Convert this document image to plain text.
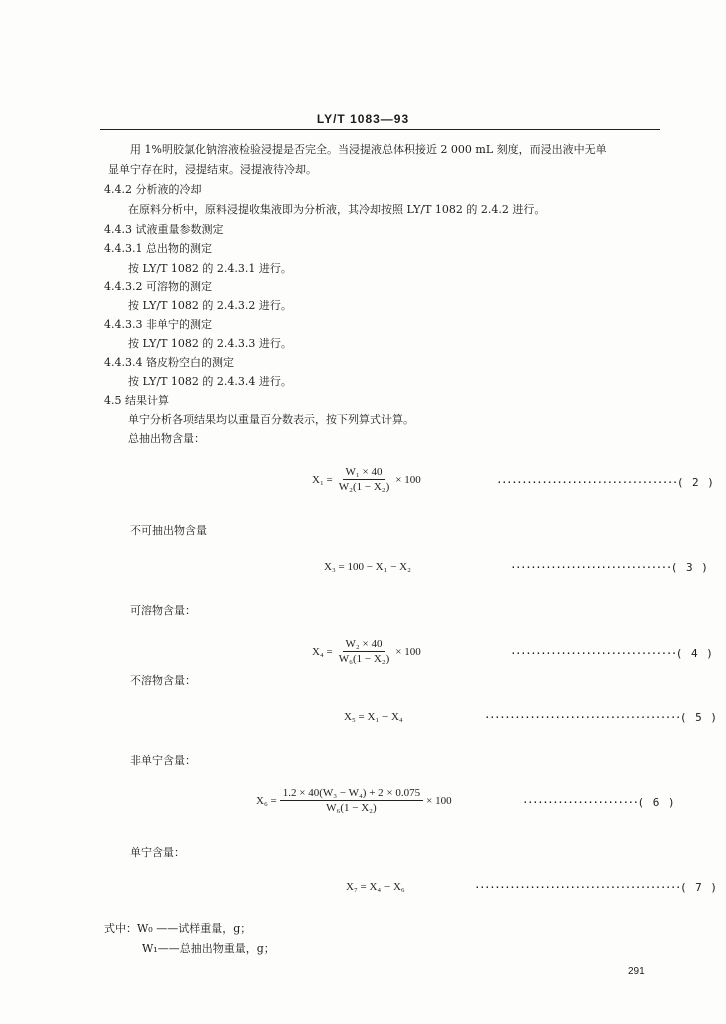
LY/T 1083—93
用 1%明胶氯化钠溶液检验浸提是否完全。当浸提液总体积接近 2 000 mL 刻度，而浸出液中无单
显单宁存在时，浸提结束。浸提液待冷却。
4.4.2 分析液的冷却
在原料分析中，原料浸提收集液即为分析液，其冷却按照 LY/T 1082 的 2.4.2 进行。
4.4.3 试液重量参数测定
4.4.3.1 总出物的测定
按 LY/T 1082 的 2.4.3.1 进行。
4.4.3.2 可溶物的测定
按 LY/T 1082 的 2.4.3.2 进行。
4.4.3.3 非单宁的测定
按 LY/T 1082 的 2.4.3.3 进行。
4.4.3.4 铬皮粉空白的测定
按 LY/T 1082 的 2.4.3.4 进行。
4.5 结果计算
单宁分析各项结果均以重量百分数表示，按下列算式计算。
总抽出物含量：
$X_1 = \frac{\text{W₁ × 40}}{\text{W₂(1 − X₂)}} \times 100$	····································( 2 )
不可抽出物含量
X₃ = 100 − X₁ − X₂	································( 3 )
可溶物含量：
$X_4 = \frac{\text{W₂ × 40}}{\text{W₆(1 − X₂)}} \times 100$	·································( 4 )
不溶物含量：
X₅ = X₁ − X₄	·······································( 5 )
非单宁含量：
$X_6 = \frac{\text{1.2 × 40(W₃ − W₄) + 2 × 0.075}}{\text{W₆(1 − X₂)}} \times 100$	·······················( 6 )
单宁含量：
X₇ = X₄ − X₆	·········································( 7 )
式中：W₀ ——试样重量，g；
W₁——总抽出物重量，g；
291
